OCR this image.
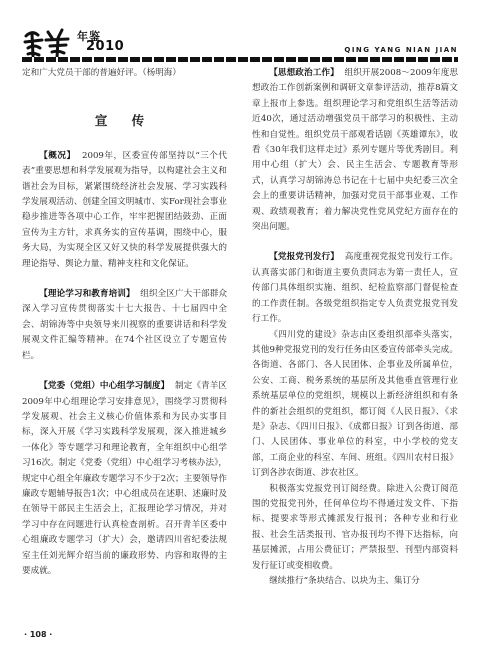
年鉴
2010	QING YANG NIAN JIAN

定和广大党员干部的普遍好评。（杨明海）

宣 传

【概况】 2009年，区委宣传部坚持以“三个代表”重要思想和科学发展观为指导，以构建社会主义和谐社会为目标，紧紧围绕经济社会发展、学习实践科学发展观活动、创建全国文明城市、实For现社会事业稳步推进等各项中心工作，牢牢把握团结鼓劲、正面宣传为主方针，求真务实的宣传基调，围绕中心，服务大局，为实现全区又好又快的科学发展提供强大的理论指导、舆论力量、精神支柱和文化保证。

【理论学习和教育培训】 组织全区广大干部群众深入学习宣传贯彻落实十七大报告、十七届四中全会、胡锦涛等中央领导来川视察的重要讲话和科学发展观文件汇编等精神。在74个社区设立了专题宣传栏。

【党委（党组）中心组学习制度】 制定《青羊区2009年中心组理论学习安排意见》，围绕学习贯彻科学发展观、社会主义核心价值体系和为民办实事目标，深入开展《学习实践科学发展观，深入推进城乡一体化》等专题学习和理论教育，全年组织中心组学习16次。制定《党委（党组）中心组学习考核办法》，规定中心组全年廉政专题学习不少于2次；主要领导作廉政专题辅导报告1次；中心组成员在述职、述廉时及在领导干部民主生活会上，汇报理论学习情况，并对学习中存在问题进行认真检查剖析。召开青羊区委中心组廉政专题学习（扩大）会，邀请四川省纪委法规室主任刘光辉介绍当前的廉政形势、内容和取得的主要成就。

【思想政治工作】 组织开展2008～2009年度思想政治工作创新案例和调研文章参评活动，推荐8篇文章上报市上参选。组织理论学习和党组织生活等活动近40次，通过活动增强党员干部学习的积极性、主动性和自觉性。组织党员干部观看话剧《英雄谭东》，收看《30年我们这样走过》系列专题片等优秀剧目。利用中心组（扩大）会、民主生活会、专题教育等形式，认真学习胡锦涛总书记在十七届中央纪委三次全会上的重要讲话精神，加强对党员干部事业观、工作观、政绩观教育；着力解决党性党风党纪方面存在的突出问题。

【党报党刊发行】 高度重视党报党刊发行工作。认真落实部门和街道主要负责同志为第一责任人，宣传部门具体组织实施、组织、纪检监察部门督促检查的工作责任制。各级党组织指定专人负责党报党刊发行工作。

《四川党的建设》杂志由区委组织部牵头落实，其他9种党报党刊的发行任务由区委宣传部牵头完成。各街道、各部门、各人民团体、企事业及所属单位，公安、工商、税务系统的基层所及其他垂直管理行业系统基层单位的党组织，规模以上新经济组织和有条件的新社会组织的党组织，都订阅《人民日报》、《求是》杂志、《四川日报》、《成都日报》订到各街道、部门、人民团体、事业单位的科室，中小学校的党支部，工商企业的科室、车间、班组。《四川农村日报》订到各涉农街道、涉农社区。

积极落实党报党刊订阅经费。除进入公费订阅范围的党报党刊外，任何单位均不得通过发文件、下指标、提要求等形式摊派发行报刊；各种专业和行业报、社会生活类报刊、官办报刊均不得下达指标，向基层摊派，占用公费征订；严禁报型、刊型内部资料发行征订或变相收费。

继续推行“条块结合、以块为主、集订分

· 108 ·
